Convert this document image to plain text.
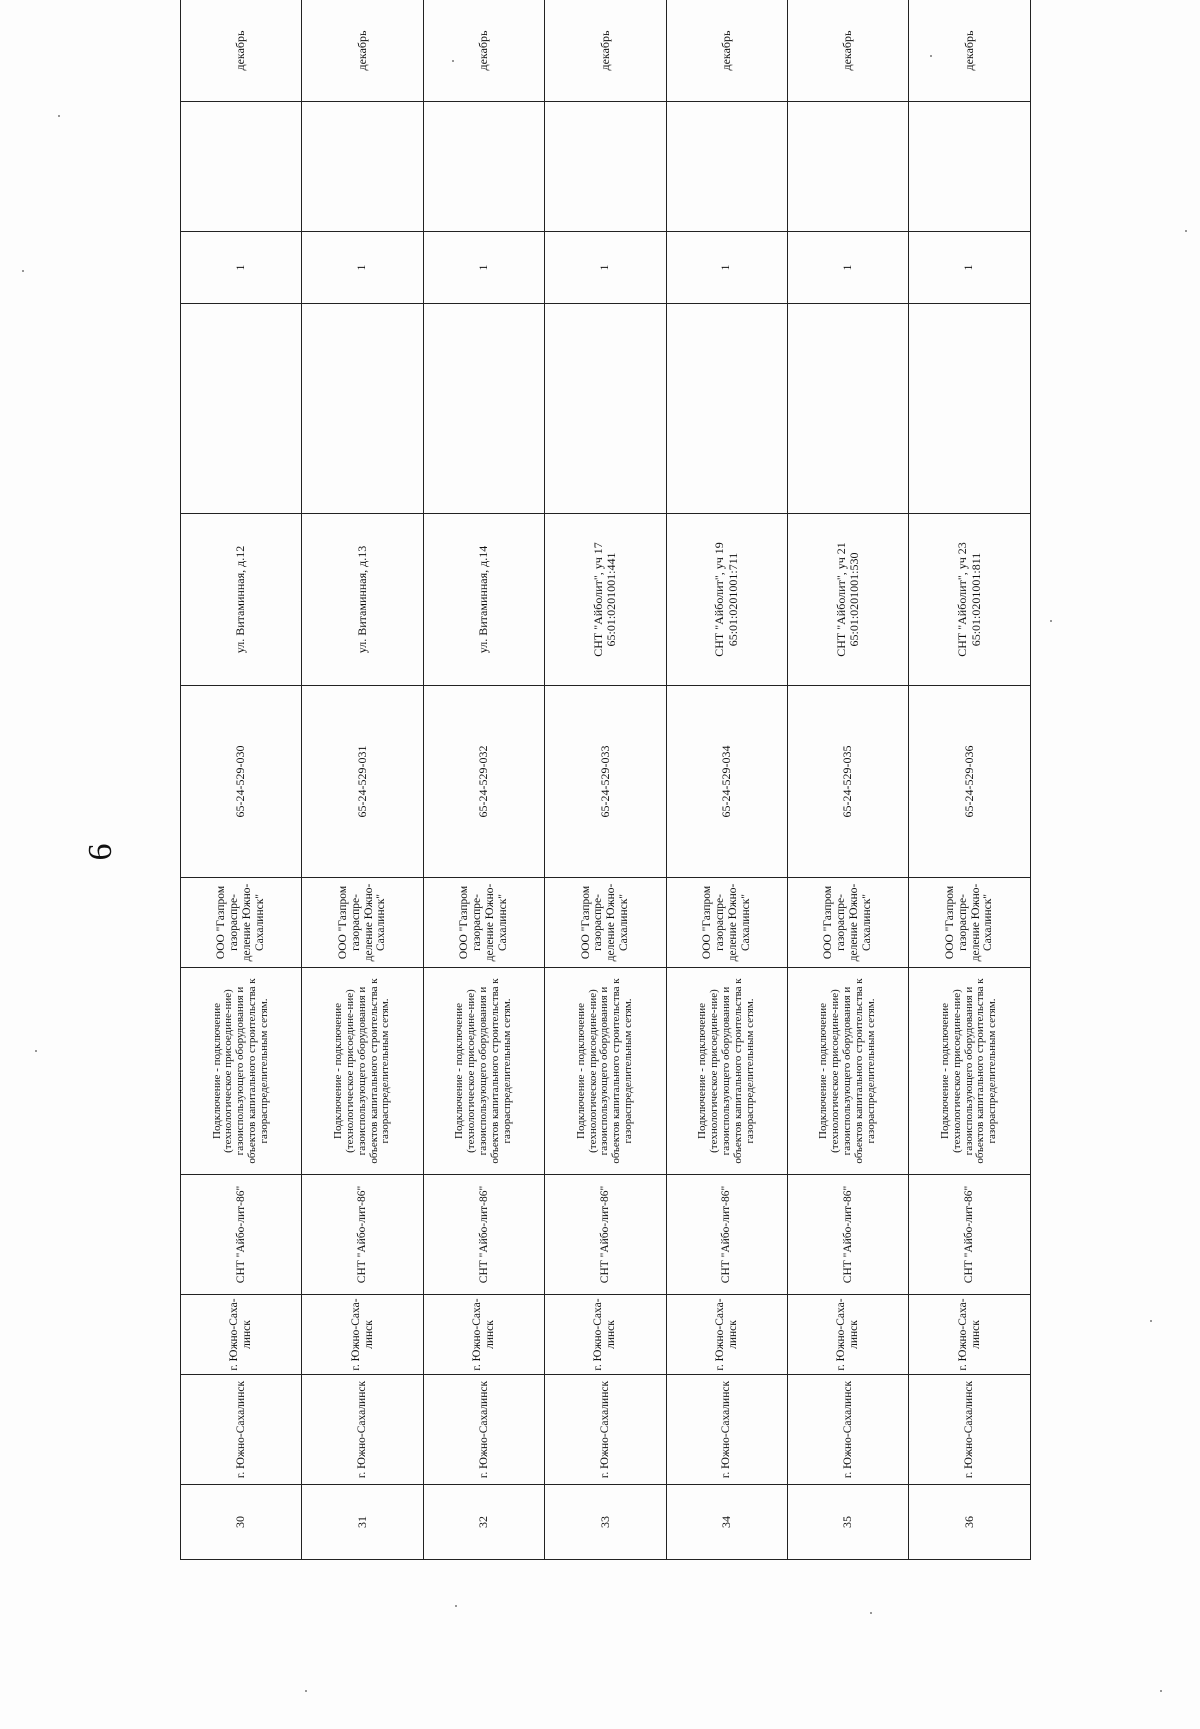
6
30	г. Южно-Сахалинск	г. Южно-Саха-линск	СНТ "Айбо-лит-86"	Подключение - подключение (технологическое присоедине-ние) газоиспользующего оборудования и объектов капитального строительства к газораспределительным сетям.	ООО "Газпром газораспре-деление Южно-Сахалинск"	65-24-529-030	ул. Витаминная, д.12		1		декабрь	
31	г. Южно-Сахалинск	г. Южно-Саха-линск	СНТ "Айбо-лит-86"	Подключение - подключение (технологическое присоедине-ние) газоиспользующего оборудования и объектов капитального строительства к газораспределительным сетям.	ООО "Газпром газораспре-деление Южно-Сахалинск"	65-24-529-031	ул. Витаминная, д.13		1		декабрь	
32	г. Южно-Сахалинск	г. Южно-Саха-линск	СНТ "Айбо-лит-86"	Подключение - подключение (технологическое присоедине-ние) газоиспользующего оборудования и объектов капитального строительства к газораспределительным сетям.	ООО "Газпром газораспре-деление Южно-Сахалинск"	65-24-529-032	ул. Витаминная, д.14		1		декабрь	
33	г. Южно-Сахалинск	г. Южно-Саха-линск	СНТ "Айбо-лит-86"	Подключение - подключение (технологическое присоедине-ние) газоиспользующего оборудования и объектов капитального строительства к газораспределительным сетям.	ООО "Газпром газораспре-деление Южно-Сахалинск"	65-24-529-033	СНТ "Айболит", уч 17 65:01:0201001:441		1		декабрь	
34	г. Южно-Сахалинск	г. Южно-Саха-линск	СНТ "Айбо-лит-86"	Подключение - подключение (технологическое присоедине-ние) газоиспользующего оборудования и объектов капитального строительства к газораспределительным сетям.	ООО "Газпром газораспре-деление Южно-Сахалинск"	65-24-529-034	СНТ "Айболит", уч 19 65:01:0201001:711		1		декабрь	
35	г. Южно-Сахалинск	г. Южно-Саха-линск	СНТ "Айбо-лит-86"	Подключение - подключение (технологическое присоедине-ние) газоиспользующего оборудования и объектов капитального строительства к газораспределительным сетям.	ООО "Газпром газораспре-деление Южно-Сахалинск"	65-24-529-035	СНТ "Айболит", уч 21 65:01:0201001:530		1		декабрь	
36	г. Южно-Сахалинск	г. Южно-Саха-линск	СНТ "Айбо-лит-86"	Подключение - подключение (технологическое присоедине-ние) газоиспользующего оборудования и объектов капитального строительства к газораспределительным сетям.	ООО "Газпром газораспре-деление Южно-Сахалинск"	65-24-529-036	СНТ "Айболит", уч 23 65:01:0201001:811		1		декабрь	
